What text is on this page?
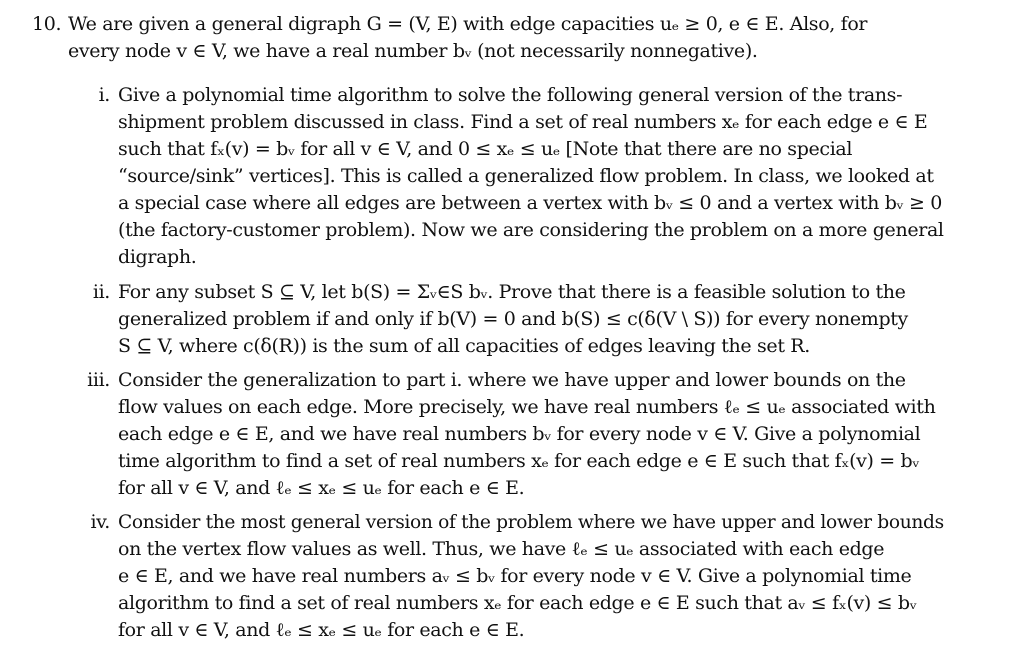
10. We are given a general digraph G = (V, E) with edge capacities uₑ ≥ 0, e ∈ E. Also, for
every node v ∈ V, we have a real number bᵥ (not necessarily nonnegative).
i. Give a polynomial time algorithm to solve the following general version of the trans-
shipment problem discussed in class. Find a set of real numbers xₑ for each edge e ∈ E
such that fₓ(v) = bᵥ for all v ∈ V, and 0 ≤ xₑ ≤ uₑ [Note that there are no special
“source/sink” vertices]. This is called a generalized flow problem. In class, we looked at
a special case where all edges are between a vertex with bᵥ ≤ 0 and a vertex with bᵥ ≥ 0
(the factory-customer problem). Now we are considering the problem on a more general
digraph.
ii. For any subset S ⊆ V, let b(S) = Σᵥ∈S bᵥ. Prove that there is a feasible solution to the
generalized problem if and only if b(V) = 0 and b(S) ≤ c(δ(V \ S)) for every nonempty
S ⊆ V, where c(δ(R)) is the sum of all capacities of edges leaving the set R.
iii. Consider the generalization to part i. where we have upper and lower bounds on the
flow values on each edge. More precisely, we have real numbers ℓₑ ≤ uₑ associated with
each edge e ∈ E, and we have real numbers bᵥ for every node v ∈ V. Give a polynomial
time algorithm to find a set of real numbers xₑ for each edge e ∈ E such that fₓ(v) = bᵥ
for all v ∈ V, and ℓₑ ≤ xₑ ≤ uₑ for each e ∈ E.
iv. Consider the most general version of the problem where we have upper and lower bounds
on the vertex flow values as well. Thus, we have ℓₑ ≤ uₑ associated with each edge
e ∈ E, and we have real numbers aᵥ ≤ bᵥ for every node v ∈ V. Give a polynomial time
algorithm to find a set of real numbers xₑ for each edge e ∈ E such that aᵥ ≤ fₓ(v) ≤ bᵥ
for all v ∈ V, and ℓₑ ≤ xₑ ≤ uₑ for each e ∈ E.
